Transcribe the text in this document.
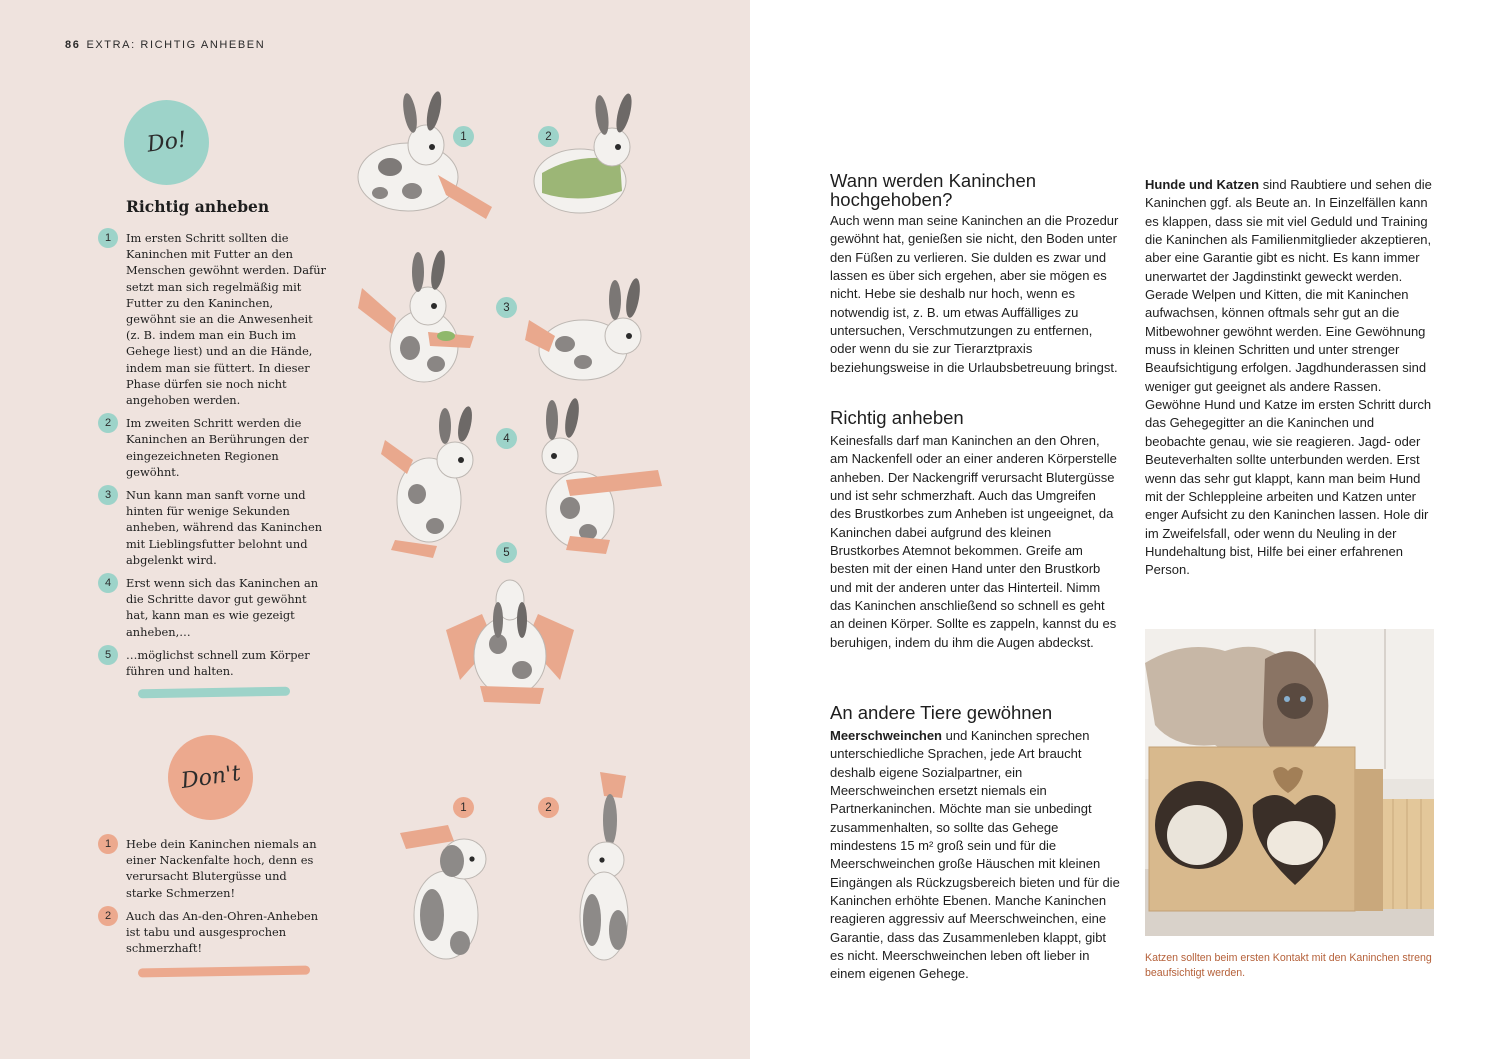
86 EXTRA: RICHTIG ANHEBEN
Do!
Richtig anheben
1	Im ersten Schritt sollten die Kaninchen mit Futter an den Menschen gewöhnt werden. Dafür setzt man sich regelmäßig mit Futter zu den Kaninchen, gewöhnt sie an die Anwesenheit (z. B. indem man ein Buch im Gehege liest) und an die Hände, indem man sie füttert. In dieser Phase dürfen sie noch nicht angehoben werden.
2	Im zweiten Schritt werden die Kaninchen an Berührungen der eingezeichneten Regionen gewöhnt.
3	Nun kann man sanft vorne und hinten für wenige Sekunden anheben, während das Kaninchen mit Lieblingsfutter belohnt und abgelenkt wird.
4	Erst wenn sich das Kaninchen an die Schritte davor gut gewöhnt hat, kann man es wie gezeigt anheben,…
5	…möglichst schnell zum Körper führen und halten.
Don't
1	Hebe dein Kaninchen niemals an einer Nackenfalte hoch, denn es verursacht Blutergüsse und starke Schmerzen!
2	Auch das An-den-Ohren-Anheben ist tabu und ausgesprochen schmerzhaft!
1	2
3
4
5
1	2
Wann werden Kaninchen hochgehoben?
Auch wenn man seine Kaninchen an die Prozedur gewöhnt hat, genießen sie nicht, den Boden unter den Füßen zu verlieren. Sie dulden es zwar und lassen es über sich ergehen, aber sie mögen es nicht. Hebe sie deshalb nur hoch, wenn es notwendig ist, z. B. um etwas Auffälliges zu untersuchen, Verschmutzungen zu entfernen, oder wenn du sie zur Tierarztpraxis beziehungsweise in die Urlaubsbetreuung bringst.
Richtig anheben
Keinesfalls darf man Kaninchen an den Ohren, am Nackenfell oder an einer anderen Körperstelle anheben. Der Nackengriff verursacht Blutergüsse und ist sehr schmerzhaft. Auch das Umgreifen des Brustkorbes zum Anheben ist ungeeignet, da Kaninchen dabei aufgrund des kleinen Brustkorbes Atemnot bekommen. Greife am besten mit der einen Hand unter den Brustkorb und mit der anderen unter das Hinterteil. Nimm das Kaninchen anschließend so schnell es geht an deinen Körper. Sollte es zappeln, kannst du es beruhigen, indem du ihm die Augen abdeckst.
An andere Tiere gewöhnen
Meerschweinchen und Kaninchen sprechen unterschiedliche Sprachen, jede Art braucht deshalb eigene Sozialpartner, ein Meerschweinchen ersetzt niemals ein Partnerkaninchen. Möchte man sie unbedingt zusammenhalten, so sollte das Gehege mindestens 15 m² groß sein und für die Meerschweinchen große Häuschen mit kleinen Eingängen als Rückzugsbereich bieten und für die Kaninchen erhöhte Ebenen. Manche Kaninchen reagieren aggressiv auf Meerschweinchen, eine Garantie, dass das Zusammenleben klappt, gibt es nicht. Meerschweinchen leben oft lieber in einem eigenen Gehege.
Hunde und Katzen sind Raubtiere und sehen die Kaninchen ggf. als Beute an. In Einzelfällen kann es klappen, dass sie mit viel Geduld und Training die Kaninchen als Familienmitglieder akzeptieren, aber eine Garantie gibt es nicht. Es kann immer unerwartet der Jagdinstinkt geweckt werden. Gerade Welpen und Kitten, die mit Kaninchen aufwachsen, können oftmals sehr gut an die Mitbewohner gewöhnt werden. Eine Gewöhnung muss in kleinen Schritten und unter strenger Beaufsichtigung erfolgen. Jagdhunderassen sind weniger gut geeignet als andere Rassen.
Gewöhne Hund und Katze im ersten Schritt durch das Gehegegitter an die Kaninchen und beobachte genau, wie sie reagieren. Jagd- oder Beuteverhalten sollte unterbunden werden. Erst wenn das sehr gut klappt, kann man beim Hund mit der Schleppleine arbeiten und Katzen unter enger Aufsicht zu den Kaninchen lassen. Hole dir im Zweifelsfall, oder wenn du Neuling in der Hundehaltung bist, Hilfe bei einer erfahrenen Person.
Katzen sollten beim ersten Kontakt mit den Kaninchen streng beaufsichtigt werden.
